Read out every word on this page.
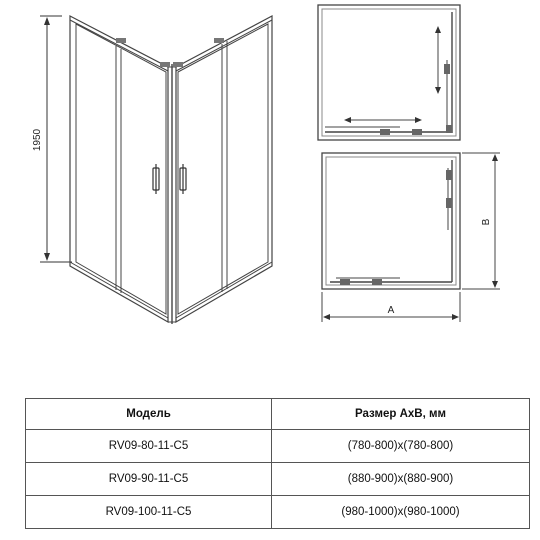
1950
A
B
Модель	Размер AxB, мм
RV09-80-11-C5	(780-800)x(780-800)
RV09-90-11-C5	(880-900)x(880-900)
RV09-100-11-C5	(980-1000)x(980-1000)
